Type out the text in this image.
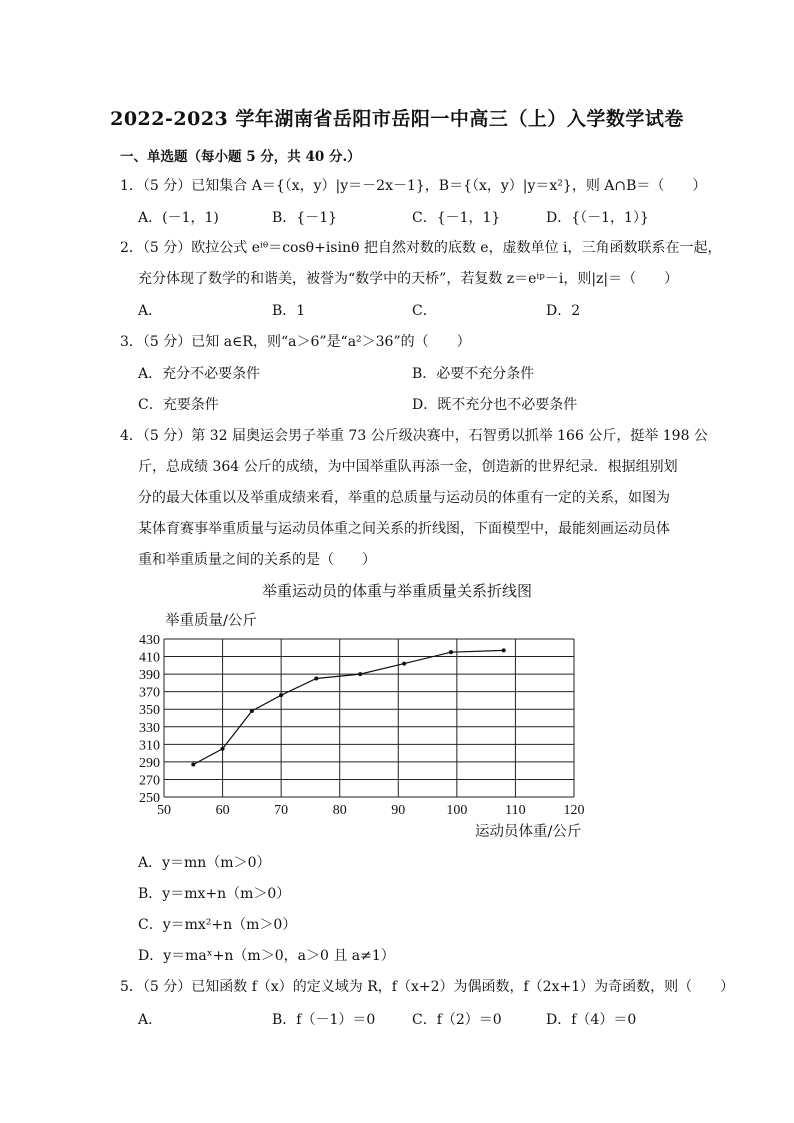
2022-2023 学年湖南省岳阳市岳阳一中高三（上）入学数学试卷
一、单选题（每小题 5 分，共 40 分.）
1．（5 分）已知集合 A＝{（x，y）|y＝－2x－1}，B＝{（x，y）|y＝x²}，则 A∩B＝（　　）
A．(－1，1)	B．{－1}	C．{－1，1}	D．{（－1，1）}
2．（5 分）欧拉公式 eⁱᶿ＝cosθ+isinθ 把自然对数的底数 e，虚数单位 i，三角函数联系在一起，
充分体现了数学的和谐美，被誉为“数学中的天桥”，若复数 z＝eⁱᵖ－i，则|z|＝（　　）
A．	B．1	C．	D．2
3．（5 分）已知 a∈R，则“a＞6”是“a²＞36”的（　　）
A．充分不必要条件	B．必要不充分条件
C．充要条件	D．既不充分也不必要条件
4．（5 分）第 32 届奥运会男子举重 73 公斤级决赛中，石智勇以抓举 166 公斤，挺举 198 公
斤，总成绩 364 公斤的成绩，为中国举重队再添一金，创造新的世界纪录．根据组别划
分的最大体重以及举重成绩来看，举重的总质量与运动员的体重有一定的关系，如图为
某体育赛事举重质量与运动员体重之间关系的折线图，下面模型中，最能刻画运动员体
重和举重质量之间的关系的是（　　）
举重运动员的体重与举重质量关系折线图
举重质量/公斤
250
270
290
310
330
350
370
390
410
430
50	60	70	80	90	100	110	120
运动员体重/公斤
A．y＝mn（m＞0）
B．y＝mx+n（m＞0）
C．y＝mx²+n（m＞0）
D．y＝maˣ+n（m＞0，a＞0 且 a≠1）
5．（5 分）已知函数 f（x）的定义域为 R，f（x+2）为偶函数，f（2x+1）为奇函数，则（　　）
A．	B．f（－1）＝0	C．f（2）＝0	D．f（4）＝0
